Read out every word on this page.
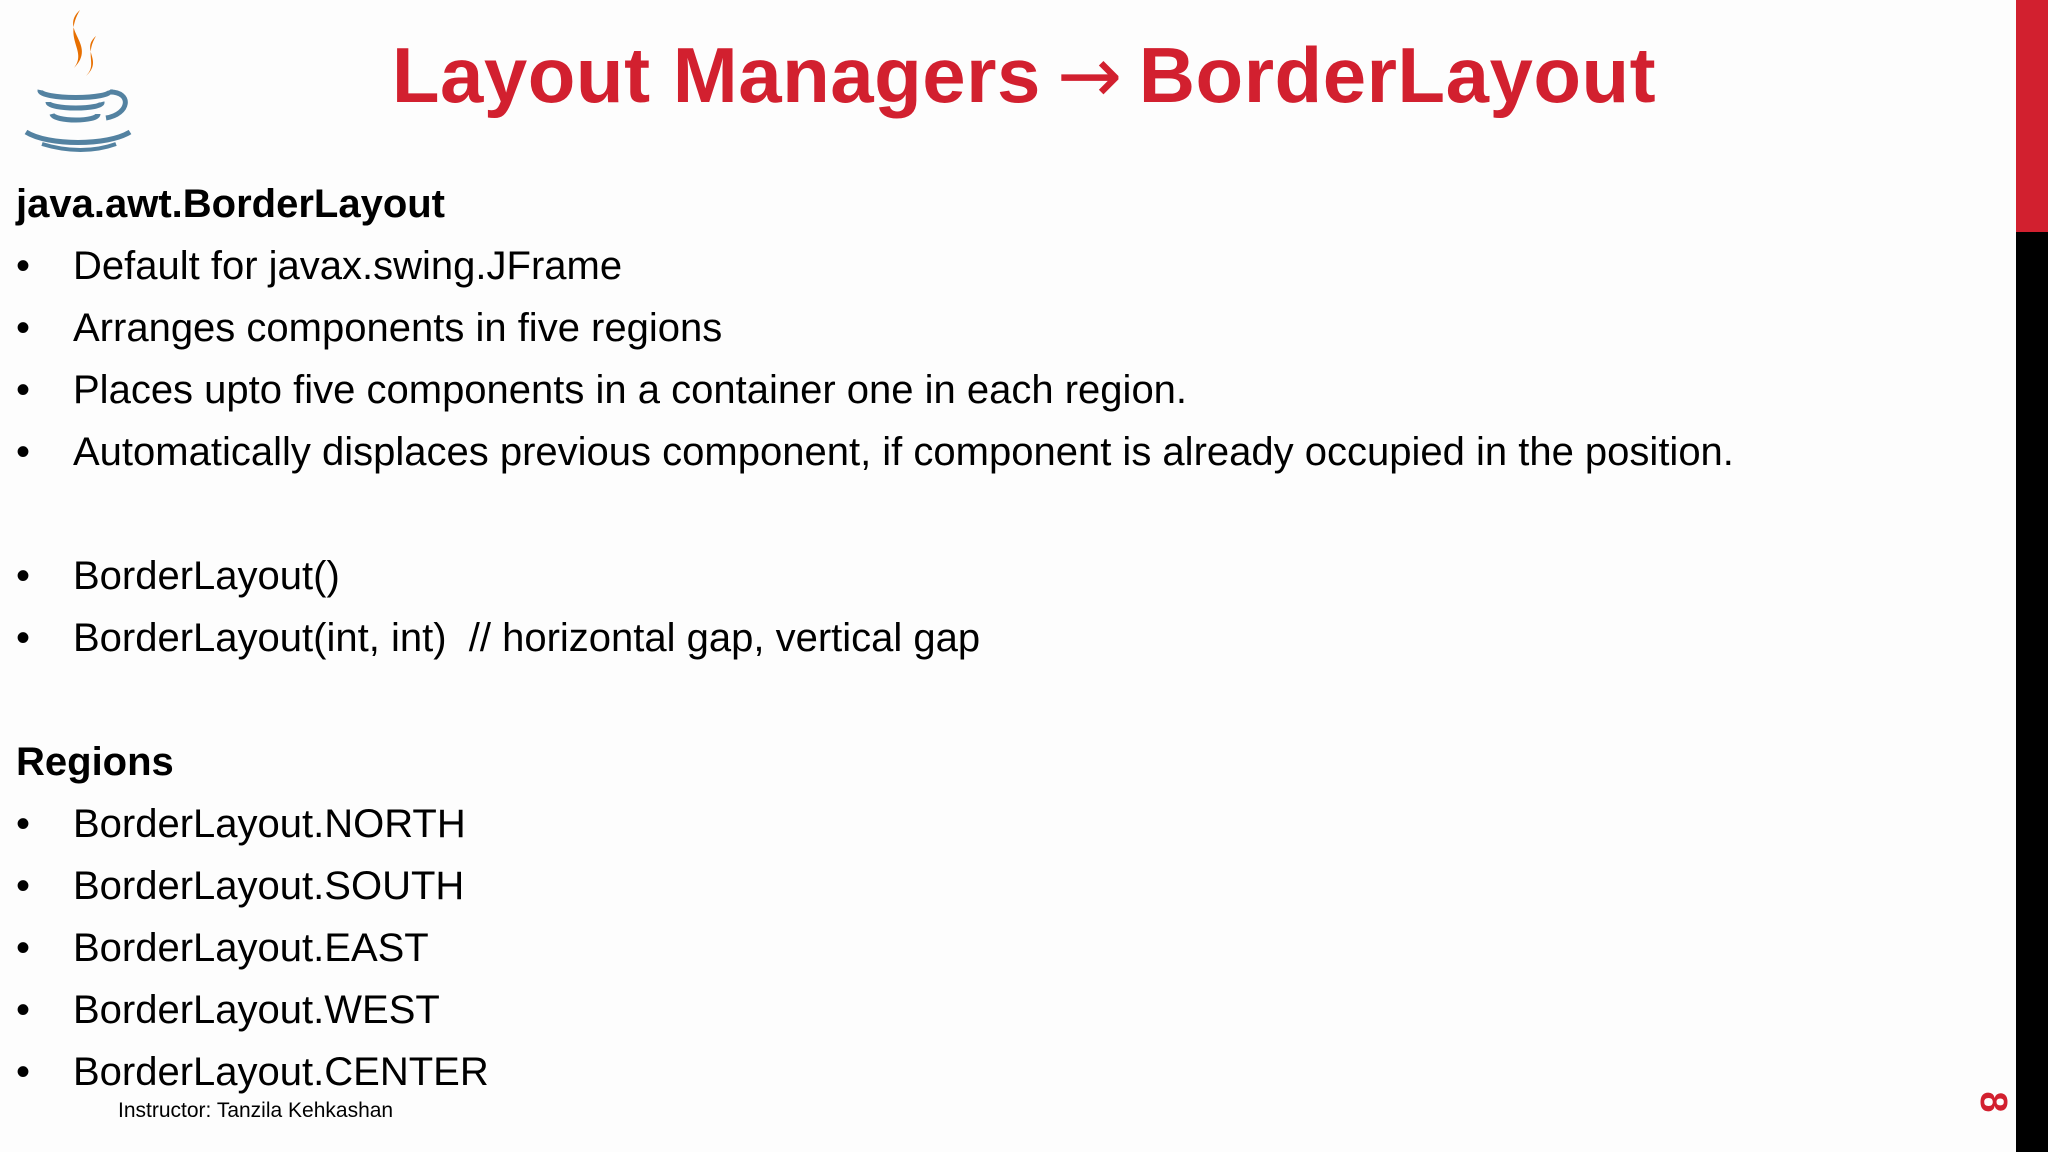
Layout Managers → BorderLayout
java.awt.BorderLayout
• Default for javax.swing.JFrame
• Arranges components in five regions
• Places upto five components in a container one in each region.
• Automatically displaces previous component, if component is already occupied in the position.
• BorderLayout()
• BorderLayout(int, int)  // horizontal gap, vertical gap
Regions
• BorderLayout.NORTH
• BorderLayout.SOUTH
• BorderLayout.EAST
• BorderLayout.WEST
• BorderLayout.CENTER
Instructor: Tanzila Kehkashan	8
